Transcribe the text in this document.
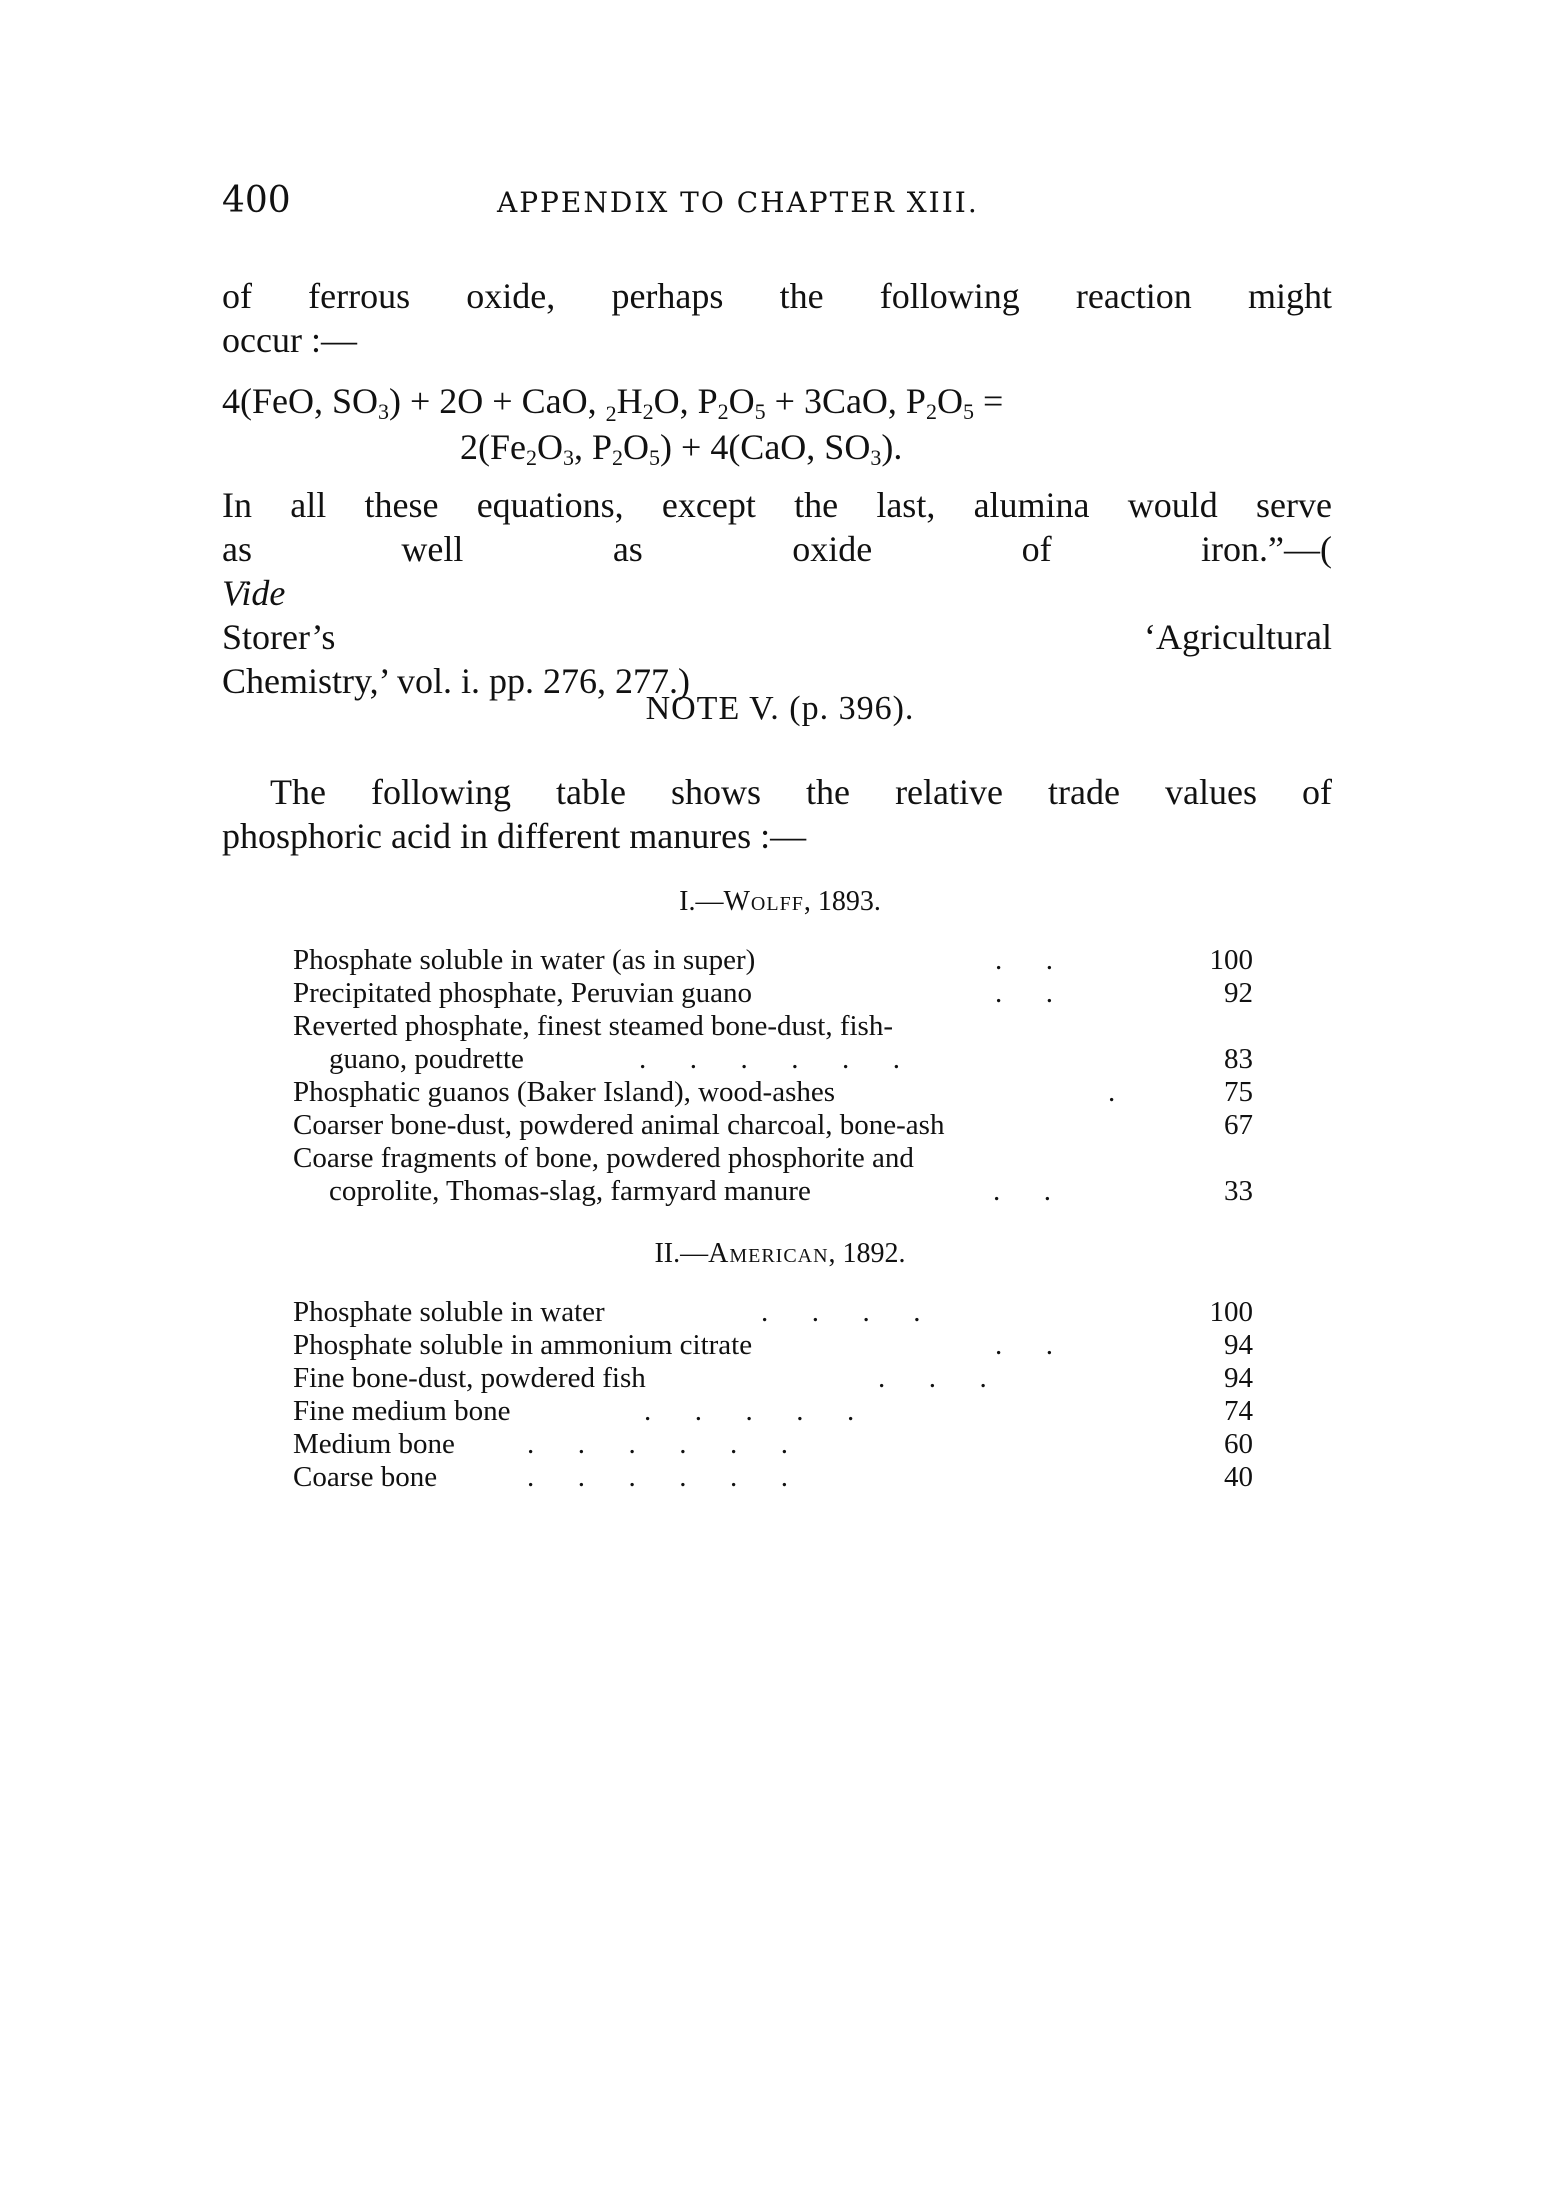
400	APPENDIX TO CHAPTER XIII.
of ferrous oxide, perhaps the following reaction might
occur :—
4(FeO, $SO_3) + 2O$ + CaO, $_2H_2O$, $P_2O_5 + 3CaO$, $P_2O_5$ =
$2(Fe_2O_3$, $P_2O_5) + 4(CaO$, $SO_3$).
In all these equations, except the last, alumina would serve
as well as oxide of iron.”—(
Vide
Storer’s ‘Agricultural
Chemistry,’ vol. i. pp. 276, 277.)
NOTE V. (p. 396).
The following table shows the relative trade values of
phosphoric acid in different manures :—
I.—Wolff, 1893.
Phosphate soluble in water (as in super)	.      .	100
Precipitated phosphate, Peruvian guano	.      .	92
Reverted phosphate, finest steamed bone-dust, fish-
guano, poudrette	.      .      .      .      .      .	83
Phosphatic guanos (Baker Island), wood-ashes	.	75
Coarser bone-dust, powdered animal charcoal, bone-ash	67
Coarse fragments of bone, powdered phosphorite and
coprolite, Thomas-slag, farmyard manure	.      .	33
II.—American, 1892.
Phosphate soluble in water	.      .      .      .	100
Phosphate soluble in ammonium citrate	.      .	94
Fine bone-dust, powdered fish	.      .      .	94
Fine medium bone	.      .      .      .      .	74
Medium bone .      .      .      .      .      .	60
Coarse bone	.      .      .      .      .      .	40
